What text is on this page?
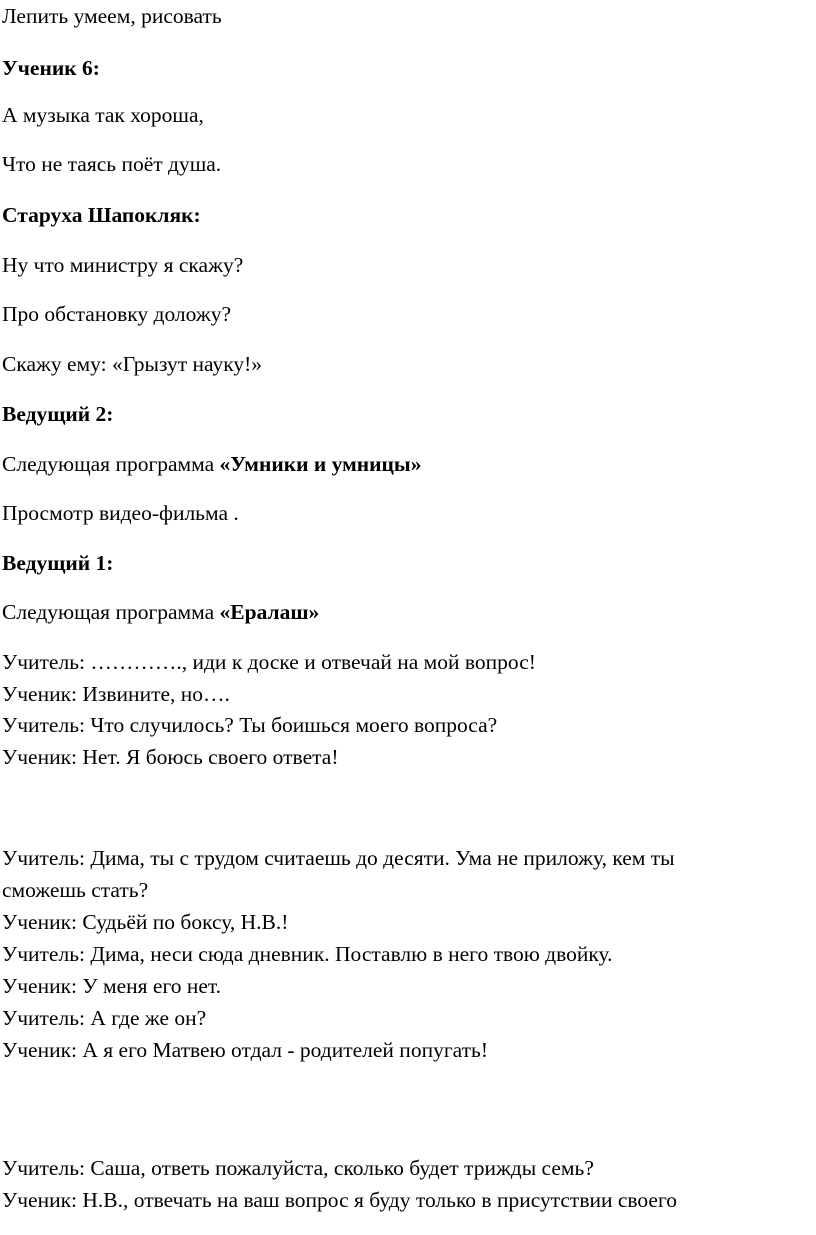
Лепить умеем, рисовать

Ученик 6:

А музыка так хороша,

Что не таясь поёт душа.

Старуха Шапокляк:

Ну что министру я скажу?

Про обстановку доложу?

Скажу ему: «Грызут науку!»

Ведущий 2:

Следующая программа «Умники и умницы»

Просмотр видео-фильма .

Ведущий 1:

Следующая программа «Ералаш»

Учитель: …………., иди к доске и отвечай на мой вопрос!

Ученик: Извините, но….

Учитель: Что случилось? Ты боишься моего вопроса?

Ученик: Нет. Я боюсь своего ответа!

Учитель: Дима, ты с трудом считаешь до десяти. Ума не приложу, кем ты

сможешь стать?

Ученик: Судьёй по боксу, Н.В.!

Учитель: Дима, неси сюда дневник. Поставлю в него твою двойку.

Ученик: У меня его нет.

Учитель: А где же он?

Ученик: А я его Матвею отдал - родителей попугать!

Учитель: Саша, ответь пожалуйста, сколько будет трижды семь?

Ученик: Н.В., отвечать на ваш вопрос я буду только в присутствии своего
